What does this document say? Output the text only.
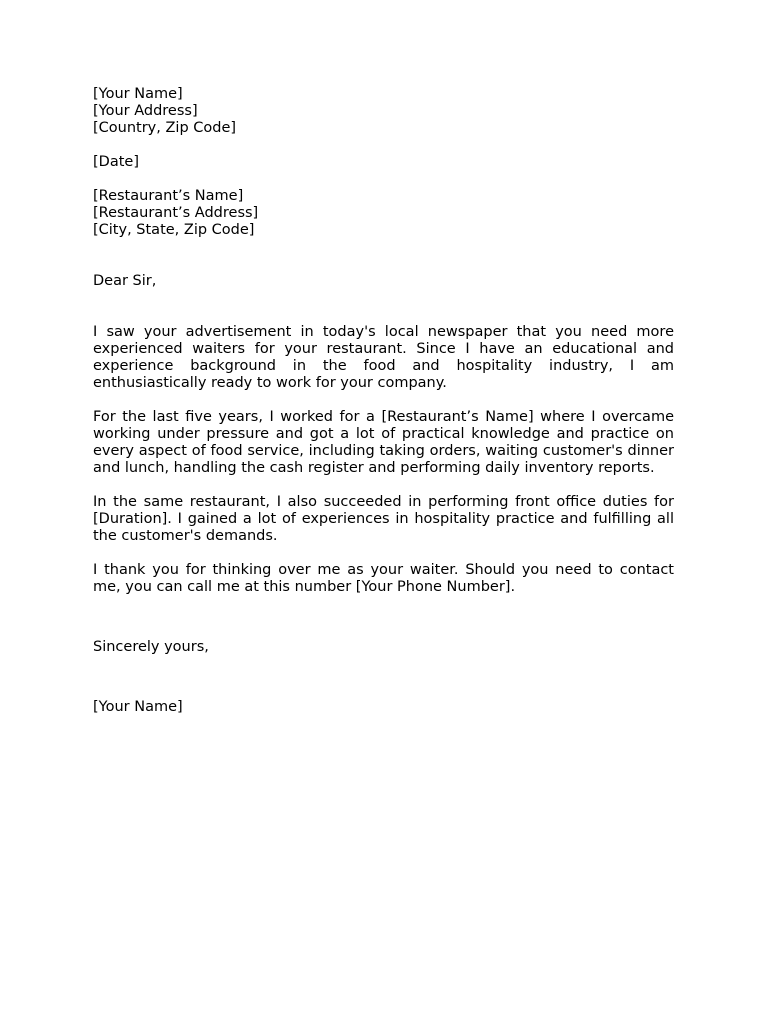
[Your Name]
[Your Address]
[Country, Zip Code]
[Date]
[Restaurant’s Name]
[Restaurant’s Address]
[City, State, Zip Code]
Dear Sir,

I saw your advertisement in today's local newspaper that you need more experienced waiters for your restaurant. Since I have an educational and experience background in the food and hospitality industry, I am enthusiastically ready to work for your company.

For the last five years, I worked for a [Restaurant’s Name] where I overcame working under pressure and got a lot of practical knowledge and practice on every aspect of food service, including taking orders, waiting customer's dinner and lunch, handling the cash register and performing daily inventory reports.

In the same restaurant, I also succeeded in performing front office duties for [Duration]. I gained a lot of experiences in hospitality practice and fulfilling all the customer's demands.

I thank you for thinking over me as your waiter. Should you need to contact me, you can call me at this number [Your Phone Number].

Sincerely yours,
[Your Name]
